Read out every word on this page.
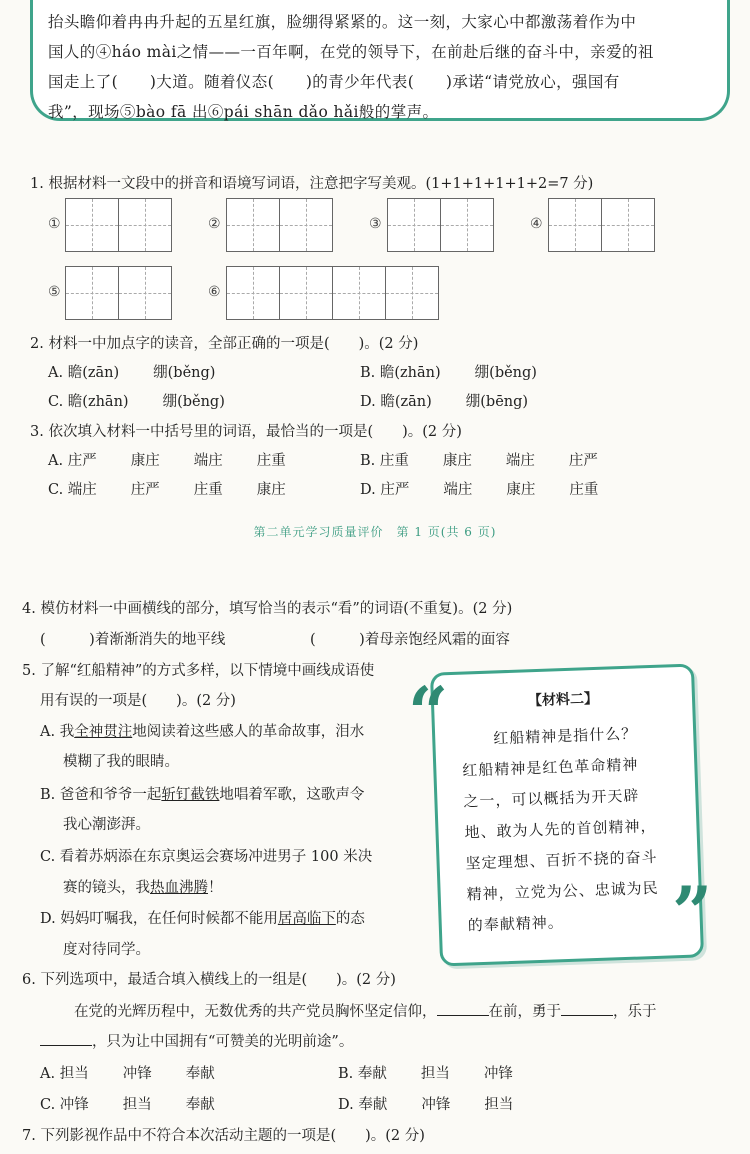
抬头瞻仰着冉冉升起的五星红旗，脸绷得紧紧的。这一刻，大家心中都激荡着作为中
国人的④háo mài之情——一百年啊，在党的领导下，在前赴后继的奋斗中，亲爱的祖
国走上了(　　)大道。随着仪态(　　)的青少年代表(　　)承诺“请党放心，强国有
我”，现场⑤bào fā 出⑥pái shān dǎo hǎi般的掌声。
1. 根据材料一文段中的拼音和语境写词语，注意把字写美观。(1+1+1+1+1+2=7 分)
①	②	③	④
⑤	⑥
2. 材料一中加点字的读音，全部正确的一项是(　　)。(2 分)
A. 瞻(zān) 绷(běng)	B. 瞻(zhān) 绷(běng)
C. 瞻(zhān) 绷(běng)	D. 瞻(zān) 绷(bēng)
3. 依次填入材料一中括号里的词语，最恰当的一项是(　　)。(2 分)
A. 庄严 康庄 端庄 庄重	B. 庄重 康庄 端庄 庄严
C. 端庄 庄严 庄重 康庄	D. 庄严 端庄 康庄 庄重
第二单元学习质量评价　第 1 页(共 6 页)
4. 模仿材料一中画横线的部分，填写恰当的表示“看”的词语(不重复)。(2 分)
(　　　)着渐渐消失的地平线	(　　　)着母亲饱经风霜的面容
5. 了解“红船精神”的方式多样，以下情境中画线成语使
用有误的一项是(　　)。(2 分)
A. 我全神贯注地阅读着这些感人的革命故事，泪水
模糊了我的眼睛。
B. 爸爸和爷爷一起斩钉截铁地唱着军歌，这歌声令
我心潮澎湃。
C. 看着苏炳添在东京奥运会赛场冲进男子 100 米决
赛的镜头，我热血沸腾！
D. 妈妈叮嘱我，在任何时候都不能用居高临下的态
度对待同学。
【材料二】
　　红船精神是指什么？
红船精神是红色革命精神
之一，可以概括为开天辟
地、敢为人先的首创精神，
坚定理想、百折不挠的奋斗
精神，立党为公、忠诚为民
的奉献精神。
“
”
6. 下列选项中，最适合填入横线上的一组是(　　)。(2 分)
在党的光辉历程中，无数优秀的共产党员胸怀坚定信仰，	在前，勇于	，乐于
，只为让中国拥有“可赞美的光明前途”。
A. 担当 冲锋 奉献	B. 奉献 担当 冲锋
C. 冲锋 担当 奉献	D. 奉献 冲锋 担当
7. 下列影视作品中不符合本次活动主题的一项是(　　)。(2 分)
